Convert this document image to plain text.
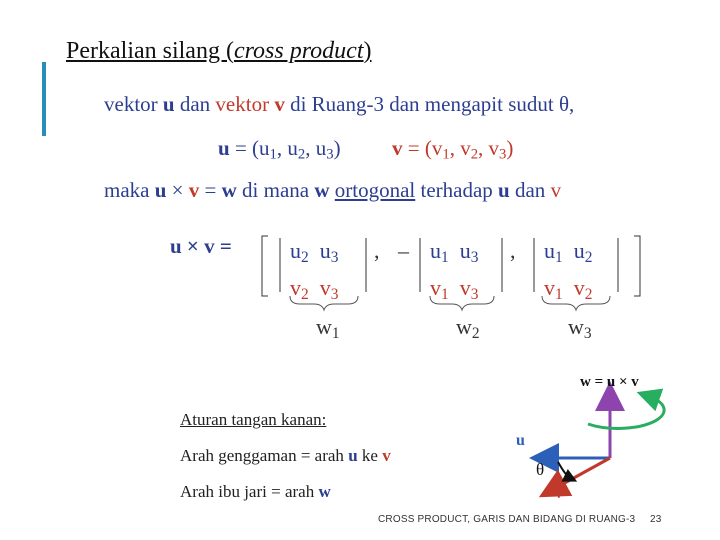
Perkalian silang (cross product)
vektor u dan vektor v di Ruang-3 dan mengapit sudut θ,
$u = (u_1$, $u_2$, $u_3$) $v = (v_1$, $v_2$, $v_3$)
maka u × v = w di mana w ortogonal terhadap u dan v
u × v =	$u_2$ $u_3$
$v_2$ $v_3$
, – $u_1$ $u_3$
$v_1$ $v_3$
, $u_1$ $u_2$
$v_1$ $v_2$
$w_1$	$w_2$	$w_3$
Aturan tangan kanan:
Arah genggaman = arah u ke v
Arah ibu jari = arah w
w = u × v
u
v
θ
CROSS PRODUCT, GARIS DAN BIDANG DI RUANG-3 23
